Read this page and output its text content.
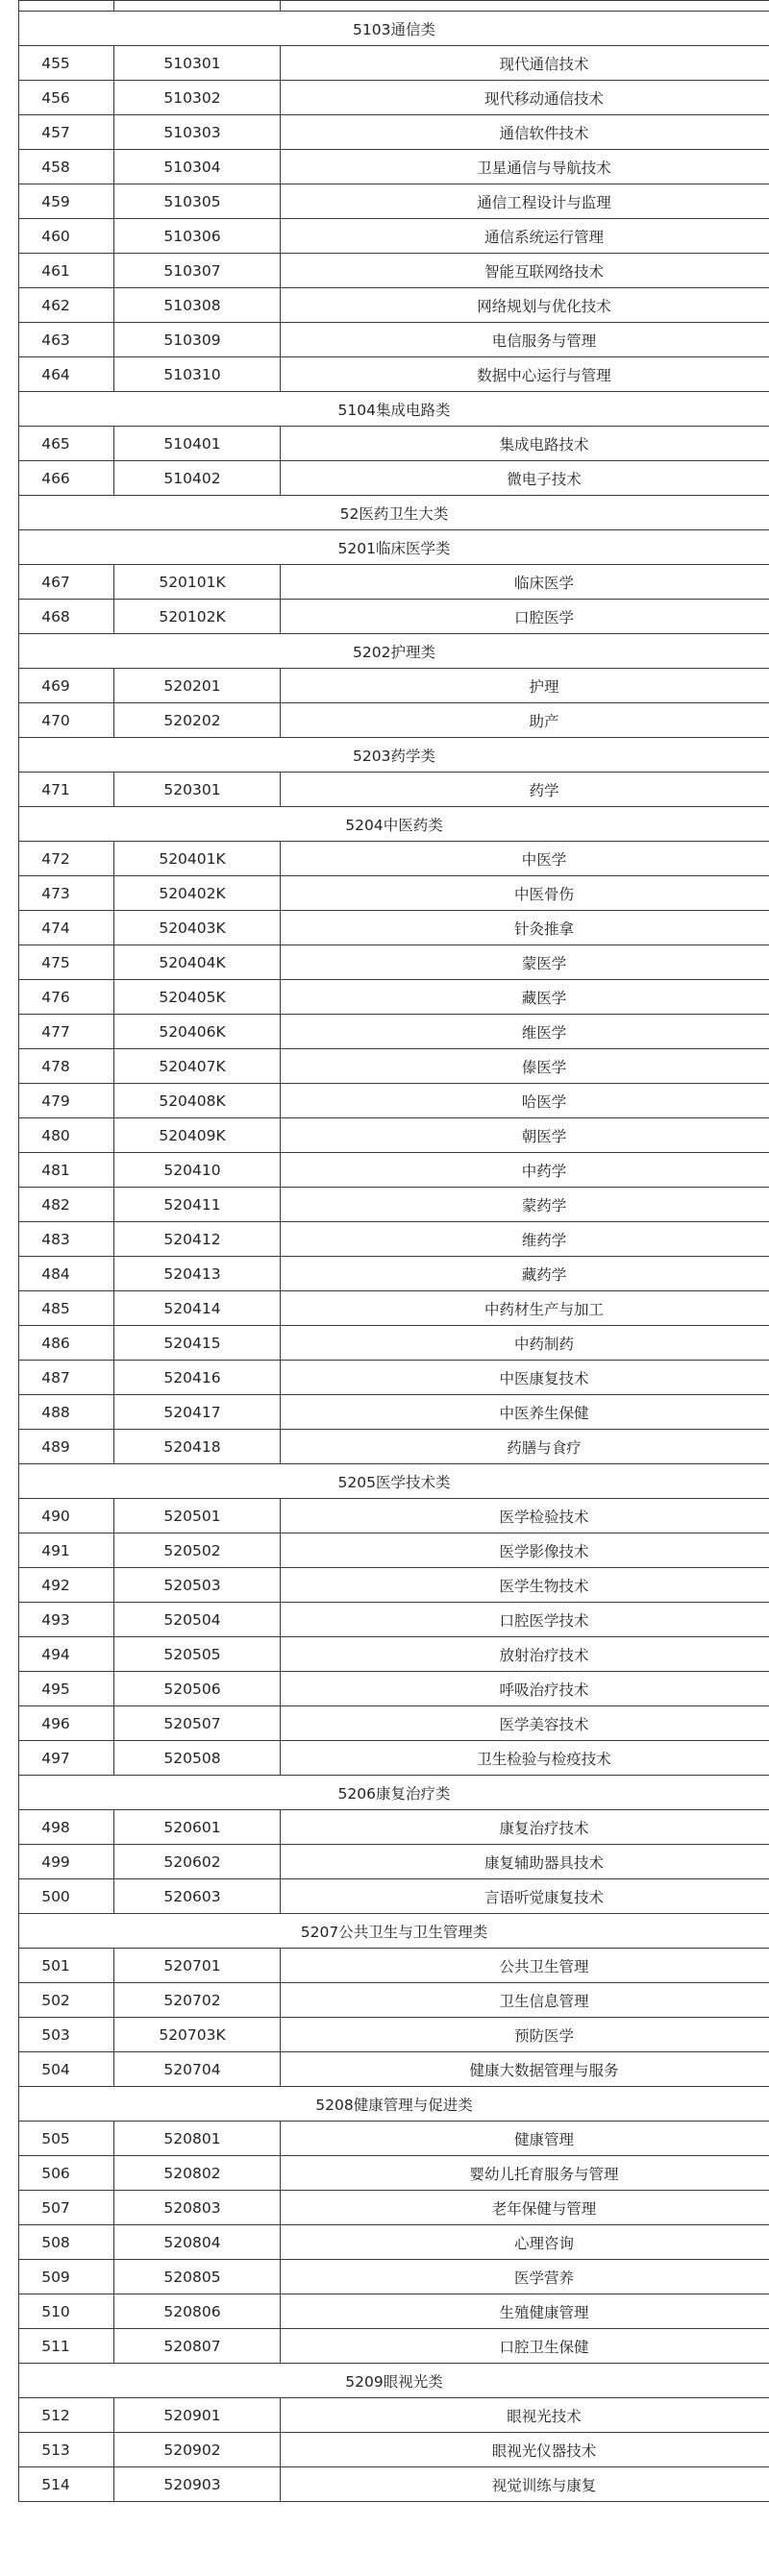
5103通信类		
455	510301	现代通信技术
456	510302	现代移动通信技术
457	510303	通信软件技术
458	510304	卫星通信与导航技术
459	510305	通信工程设计与监理
460	510306	通信系统运行管理
461	510307	智能互联网络技术
462	510308	网络规划与优化技术
463	510309	电信服务与管理
464	510310	数据中心运行与管理
5104集成电路类		
465	510401	集成电路技术
466	510402	微电子技术
52医药卫生大类		
5201临床医学类		
467	520101K	临床医学
468	520102K	口腔医学
5202护理类		
469	520201	护理
470	520202	助产
5203药学类		
471	520301	药学
5204中医药类		
472	520401K	中医学
473	520402K	中医骨伤
474	520403K	针灸推拿
475	520404K	蒙医学
476	520405K	藏医学
477	520406K	维医学
478	520407K	傣医学
479	520408K	哈医学
480	520409K	朝医学
481	520410	中药学
482	520411	蒙药学
483	520412	维药学
484	520413	藏药学
485	520414	中药材生产与加工
486	520415	中药制药
487	520416	中医康复技术
488	520417	中医养生保健
489	520418	药膳与食疗
5205医学技术类		
490	520501	医学检验技术
491	520502	医学影像技术
492	520503	医学生物技术
493	520504	口腔医学技术
494	520505	放射治疗技术
495	520506	呼吸治疗技术
496	520507	医学美容技术
497	520508	卫生检验与检疫技术
5206康复治疗类		
498	520601	康复治疗技术
499	520602	康复辅助器具技术
500	520603	言语听觉康复技术
5207公共卫生与卫生管理类		
501	520701	公共卫生管理
502	520702	卫生信息管理
503	520703K	预防医学
504	520704	健康大数据管理与服务
5208健康管理与促进类		
505	520801	健康管理
506	520802	婴幼儿托育服务与管理
507	520803	老年保健与管理
508	520804	心理咨询
509	520805	医学营养
510	520806	生殖健康管理
511	520807	口腔卫生保健
5209眼视光类		
512	520901	眼视光技术
513	520902	眼视光仪器技术
514	520903	视觉训练与康复
